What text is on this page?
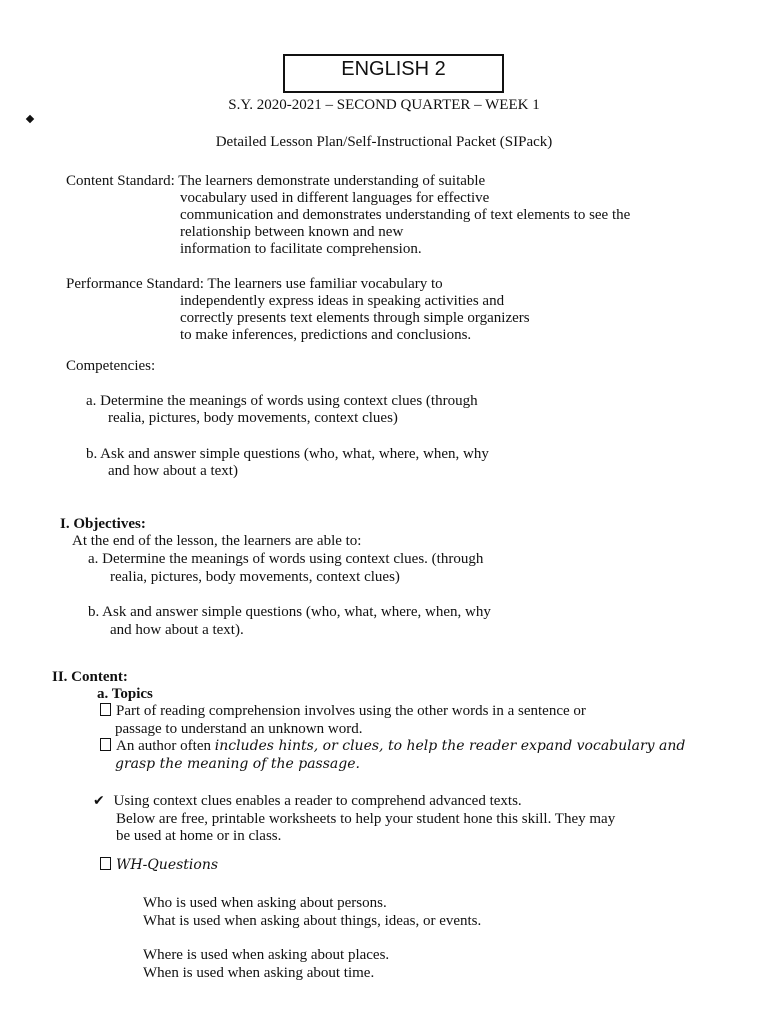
ENGLISH 2
S.Y. 2020-2021 – SECOND QUARTER – WEEK 1
Detailed Lesson Plan/Self-Instructional Packet (SIPack)
Content Standard: The learners demonstrate understanding of suitable
vocabulary used in different languages for effective
communication and demonstrates understanding of text elements to see the
relationship between known and new
information to facilitate comprehension.
Performance Standard: The learners use familiar vocabulary to
independently express ideas in speaking activities and
correctly presents text elements through simple organizers
to make inferences, predictions and conclusions.
Competencies:
a. Determine the meanings of words using context clues (through
realia, pictures, body movements, context clues)
b. Ask and answer simple questions (who, what, where, when, why
and how about a text)
I. Objectives:
At the end of the lesson, the learners are able to:
a. Determine the meanings of words using context clues. (through
realia, pictures, body movements, context clues)
b. Ask and answer simple questions (who, what, where, when, why
and how about a text).
II. Content:
a. Topics
Part of reading comprehension involves using the other words in a sentence or
passage to understand an unknown word.
An author often includes hints, or clues, to help the reader expand vocabulary and
grasp the meaning of the passage.
✔ Using context clues enables a reader to comprehend advanced texts.
Below are free, printable worksheets to help your student hone this skill. They may
be used at home or in class.
WH-Questions
Who is used when asking about persons.
What is used when asking about things, ideas, or events.
Where is used when asking about places.
When is used when asking about time.
